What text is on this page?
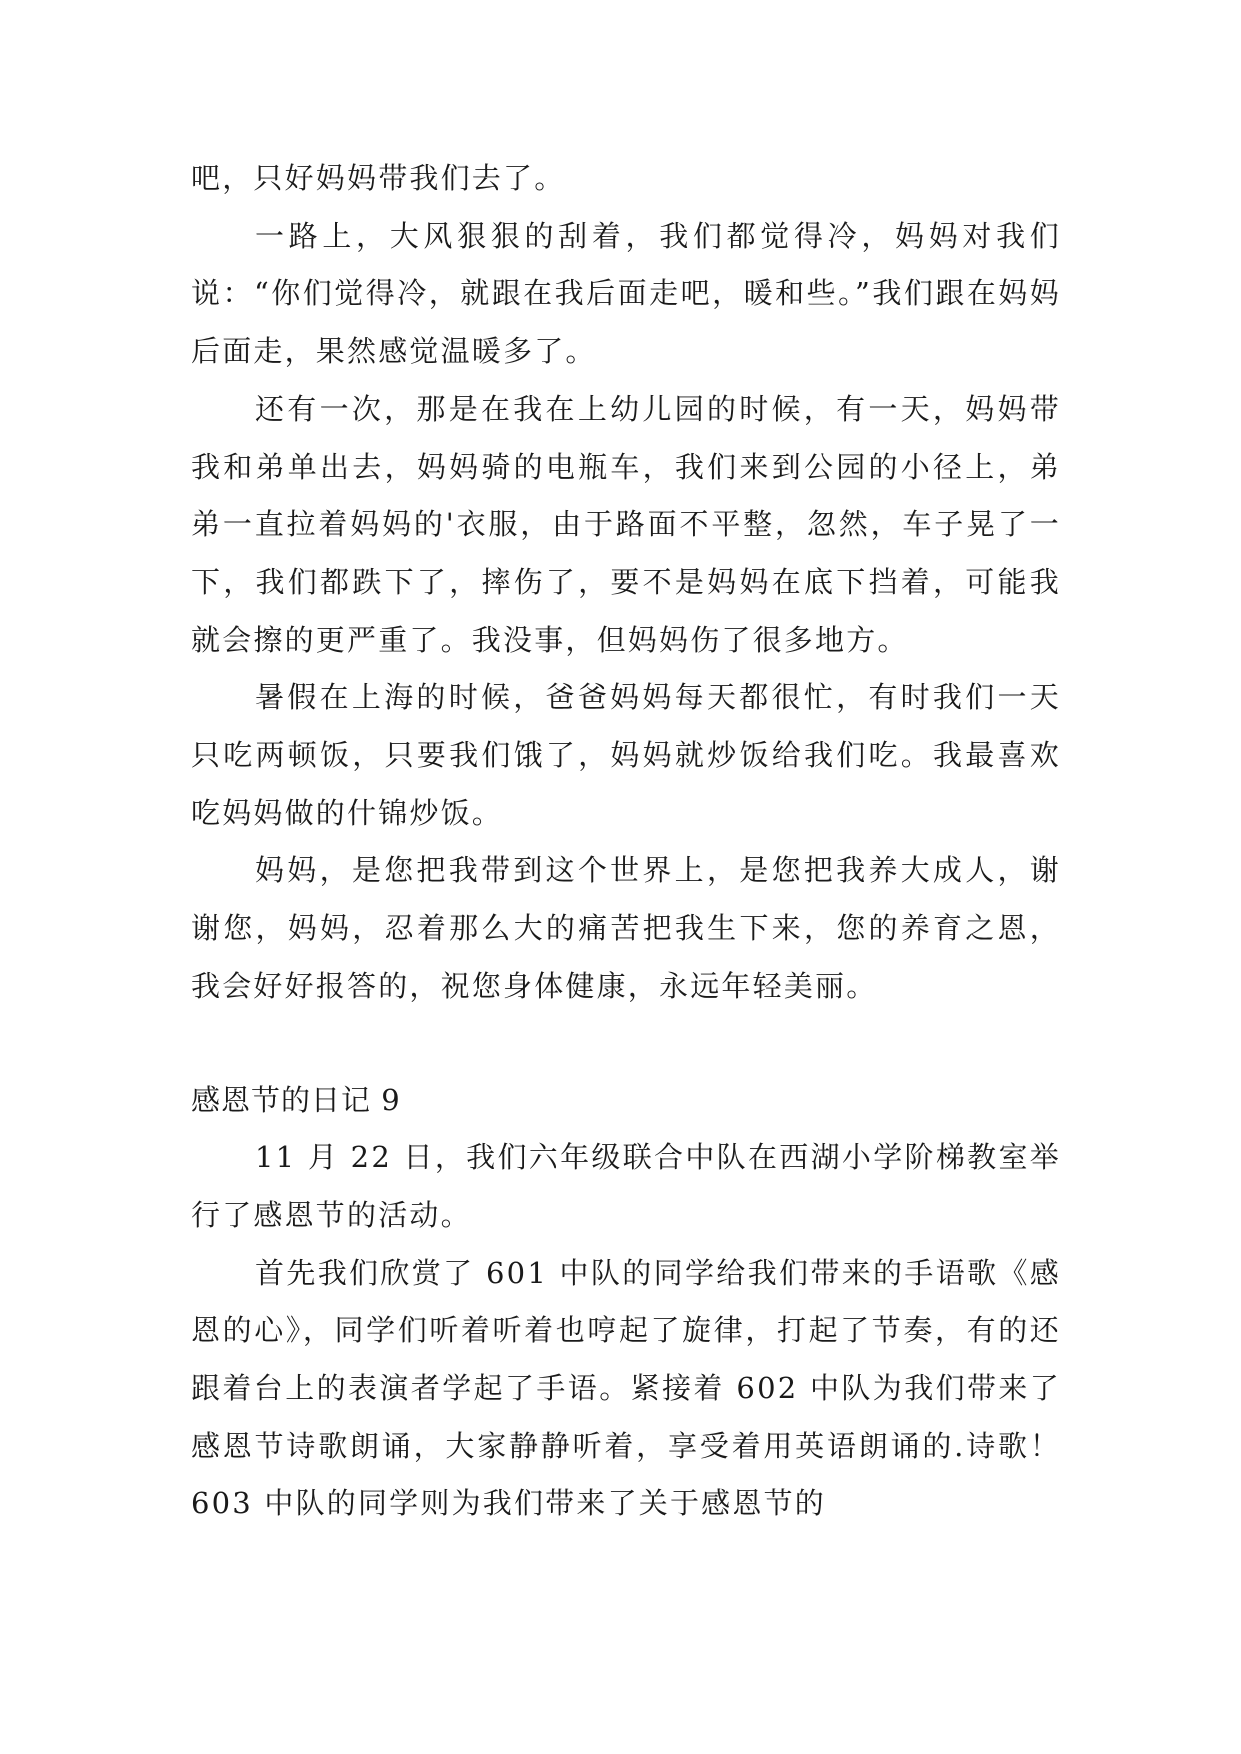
吧，只好妈妈带我们去了。

一路上，大风狠狠的刮着，我们都觉得冷，妈妈对我们说：“你们觉得冷，就跟在我后面走吧，暖和些。”我们跟在妈妈后面走，果然感觉温暖多了。

还有一次，那是在我在上幼儿园的时候，有一天，妈妈带我和弟单出去，妈妈骑的电瓶车，我们来到公园的小径上，弟弟一直拉着妈妈的'衣服，由于路面不平整，忽然，车子晃了一下，我们都跌下了，摔伤了，要不是妈妈在底下挡着，可能我就会擦的更严重了。我没事，但妈妈伤了很多地方。

暑假在上海的时候，爸爸妈妈每天都很忙，有时我们一天只吃两顿饭，只要我们饿了，妈妈就炒饭给我们吃。我最喜欢吃妈妈做的什锦炒饭。

妈妈，是您把我带到这个世界上，是您把我养大成人，谢谢您，妈妈，忍着那么大的痛苦把我生下来，您的养育之恩，我会好好报答的，祝您身体健康，永远年轻美丽。

感恩节的日记 9

11 月 22 日，我们六年级联合中队在西湖小学阶梯教室举行了感恩节的活动。

首先我们欣赏了 601 中队的同学给我们带来的手语歌《感恩的心》，同学们听着听着也哼起了旋律，打起了节奏，有的还跟着台上的表演者学起了手语。紧接着 602 中队为我们带来了感恩节诗歌朗诵，大家静静听着，享受着用英语朗诵的.诗歌！603 中队的同学则为我们带来了关于感恩节的
